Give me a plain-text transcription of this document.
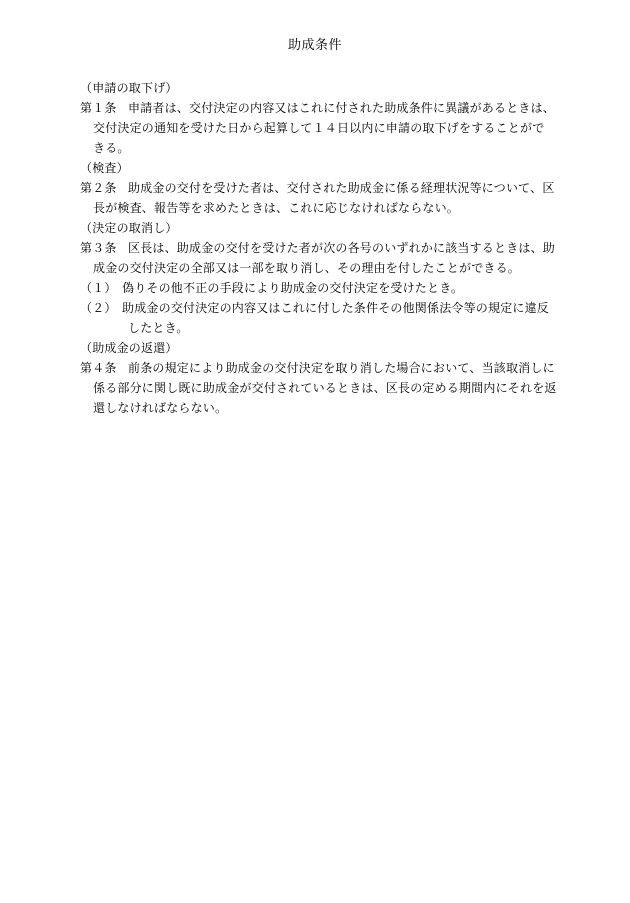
助成条件
（申請の取下げ）
第１条 申請者は、交付決定の内容又はこれに付された助成条件に異議があるときは、
交付決定の通知を受けた日から起算して１４日以内に申請の取下げをすることがで
きる。
（検査）
第２条 助成金の交付を受けた者は、交付された助成金に係る経理状況等について、区
長が検査、報告等を求めたときは、これに応じなければならない。
（決定の取消し）
第３条 区長は、助成金の交付を受けた者が次の各号のいずれかに該当するときは、助
成金の交付決定の全部又は一部を取り消し、その理由を付したことができる。
（１） 偽りその他不正の手段により助成金の交付決定を受けたとき。
（２） 助成金の交付決定の内容又はこれに付した条件その他関係法令等の規定に違反
したとき。
（助成金の返還）
第４条 前条の規定により助成金の交付決定を取り消した場合において、当該取消しに
係る部分に関し既に助成金が交付されているときは、区長の定める期間内にそれを返
還しなければならない。
